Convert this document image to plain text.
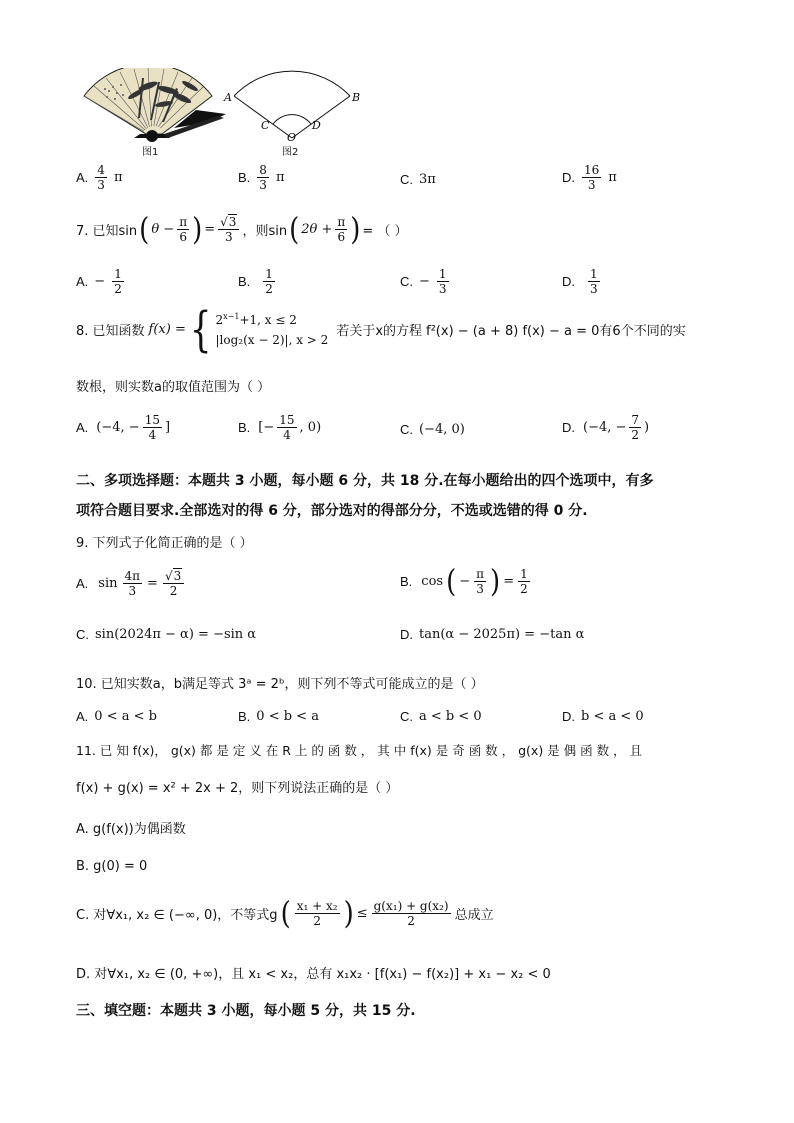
图1
A	B
C	D
O
图2
A. $\frac{4}{3}$ π	B. $\frac{8}{3}$ π	C. 3π	D. $\frac{16}{3}$ π
7. 已知sin ( $\theta - \frac{\pi}{6}$ ) = $\frac{√3}{3}$ ，则sin ( $2\theta + \frac{\pi}{6}$ ) = （ ）
A. − $\frac{1}{2}$	B. $\frac{1}{2}$	C. − $\frac{1}{3}$	D. $\frac{1}{3}$
8. 已知函数 f(x) = { $2^{x-1}+1$, x ≤ 2
|log₂(x − 2)|, x > 2
若关于x的方程 f²(x) − (a + 8) f(x) − a = 0有6个不同的实
数根，则实数a的取值范围为（ ）
A. (−4, − $\frac{15}{4}$ ]	B. [− $\frac{15}{4}$ , 0)	C. (−4, 0)	D. (−4, − $\frac{7}{2}$ )
二、多项选择题：本题共 3 小题，每小题 6 分，共 18 分.在每小题给出的四个选项中，有多
项符合题目要求.全部选对的得 6 分，部分选对的得部分分，不选或选错的得 0 分.
9. 下列式子化简正确的是（ ）
A. $\sin \frac{4\pi}{3} = \frac{√3}{2}$	B. cos ( − $\frac{\pi}{3}$ ) = $\frac{1}{2}$
C. sin(2024π − α) = −sin α	D. tan(α − 2025π) = −tan α
10. 已知实数a，b满足等式 3ᵃ = 2ᵇ，则下列不等式可能成立的是（ ）
A. 0 < a < b	B. 0 < b < a	C. a < b < 0	D. b < a < 0
11. 已 知 f(x)， g(x) 都 是 定 义 在 R 上 的 函 数 ， 其 中 f(x) 是 奇 函 数 ， g(x) 是 偶 函 数 ， 且
f(x) + g(x) = x² + 2x + 2，则下列说法正确的是（ ）
A. g(f(x))为偶函数
B. g(0) = 0
C. 对∀x₁, x₂ ∈ (−∞, 0)，不等式g ( $\frac{\text{x₁ + x₂}}{2}$ ) ≤ $\frac{\text{g(x₁) + g(x₂)}}{2}$ 总成立
D. 对∀x₁, x₂ ∈ (0, +∞)，且 x₁ < x₂，总有 x₁x₂ · [f(x₁) − f(x₂)] + x₁ − x₂ < 0
三、填空题：本题共 3 小题，每小题 5 分，共 15 分.
